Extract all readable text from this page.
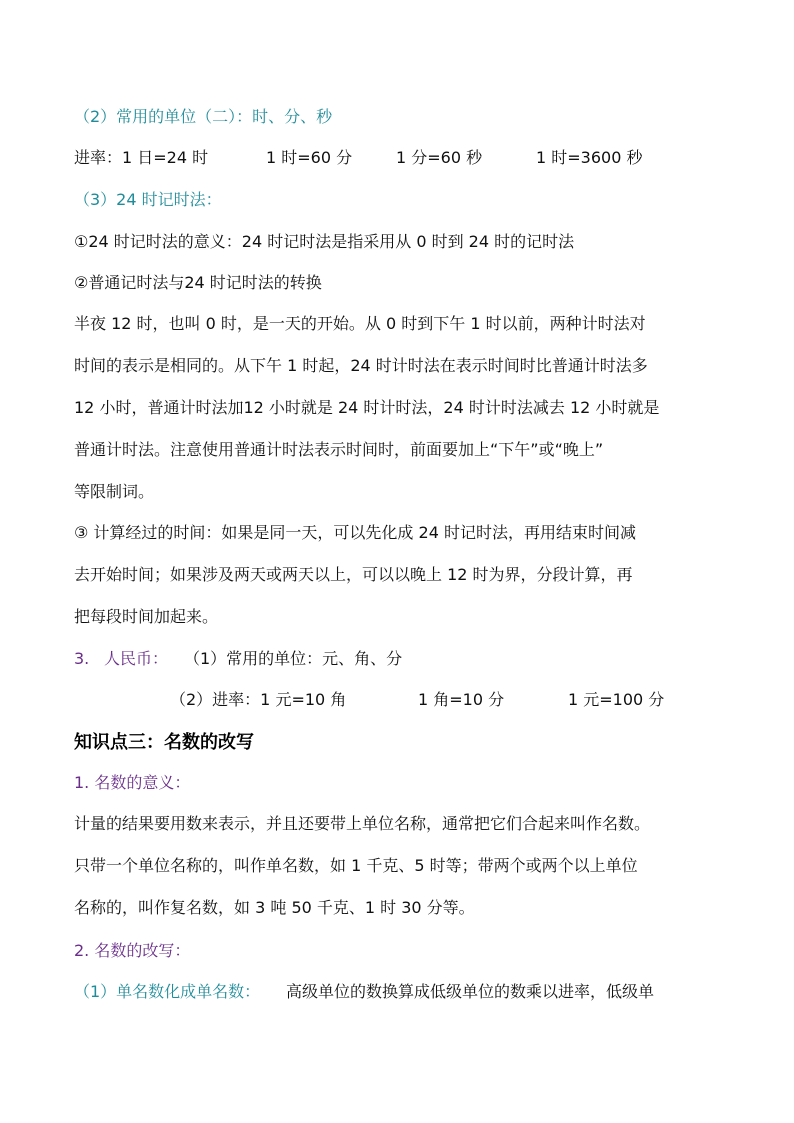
（2）常用的单位（二）：时、分、秒
进率：1 日=24 时	1 时=60 分	1 分=60 秒	1 时=3600 秒
（3）24 时记时法：
①24 时记时法的意义：24 时记时法是指采用从 0 时到 24 时的记时法
②普通记时法与24 时记时法的转换
半夜 12 时，也叫 0 时，是一天的开始。从 0 时到下午 1 时以前，两种计时法对
时间的表示是相同的。从下午 1 时起，24 时计时法在表示时间时比普通计时法多
12 小时，普通计时法加12 小时就是 24 时计时法，24 时计时法减去 12 小时就是
普通计时法。注意使用普通计时法表示时间时，前面要加上“下午”或“晚上”
等限制词。
③ 计算经过的时间：如果是同一天，可以先化成 24 时记时法，再用结束时间减
去开始时间；如果涉及两天或两天以上，可以以晚上 12 时为界，分段计算，再
把每段时间加起来。
3. 人民币： （1）常用的单位：元、角、分
（2）进率：1 元=10 角	1 角=10 分	1 元=100 分
知识点三：名数的改写
1. 名数的意义：
计量的结果要用数来表示，并且还要带上单位名称，通常把它们合起来叫作名数。
只带一个单位名称的，叫作单名数，如 1 千克、5 时等；带两个或两个以上单位
名称的，叫作复名数，如 3 吨 50 千克、1 时 30 分等。
2. 名数的改写：
（1）单名数化成单名数： 高级单位的数换算成低级单位的数乘以进率，低级单
